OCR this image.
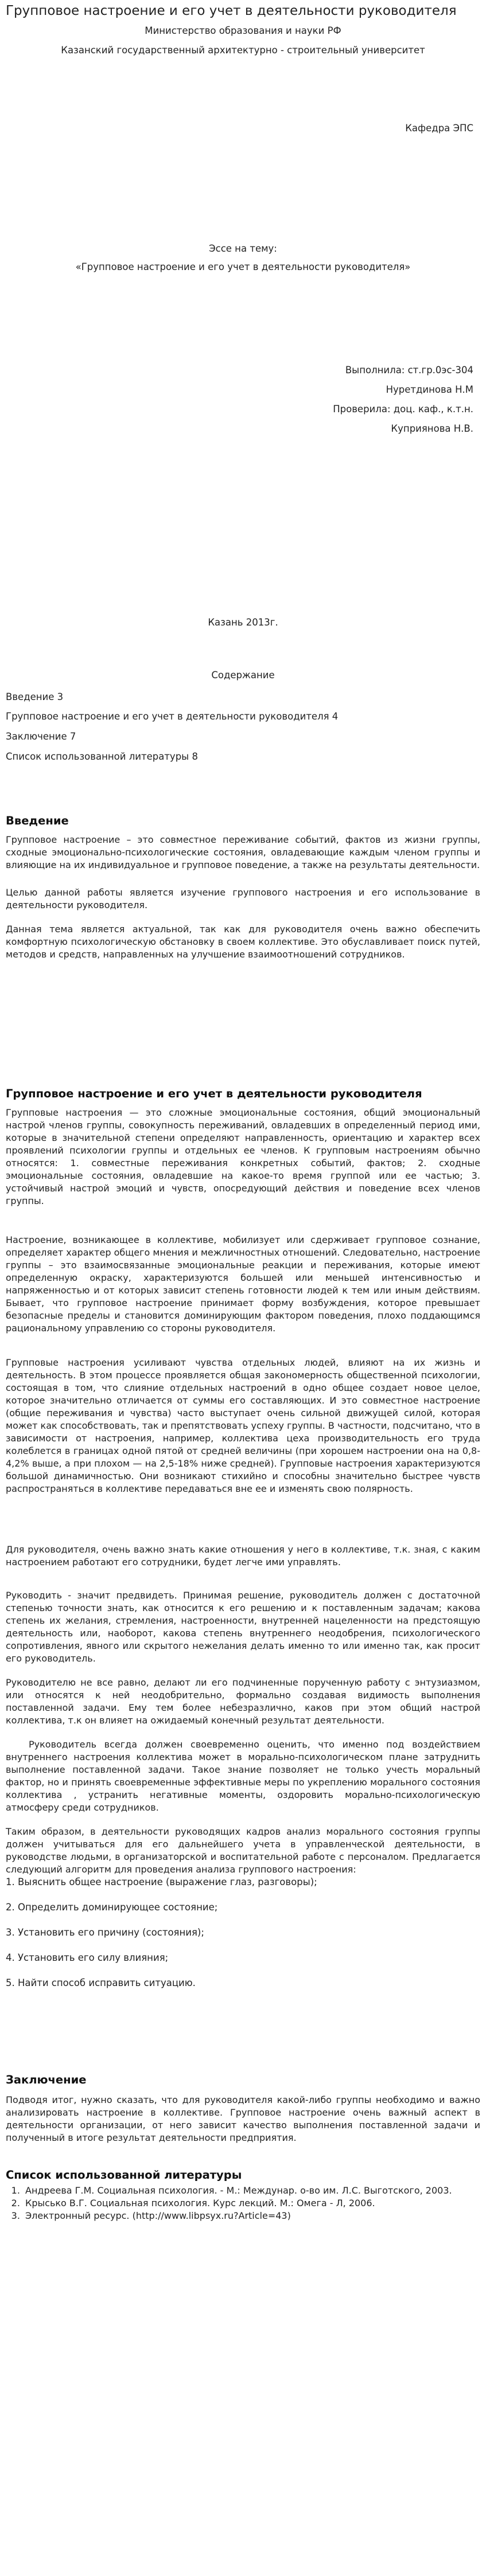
Групповое настроение и его учет в деятельности руководителя
Министерство образования и науки РФ
Казанский государственный архитектурно - строительный университет
Кафедра ЭПС
Эссе на тему:
«Групповое настроение и его учет в деятельности руководителя»
Выполнила: ст.гр.0эс-304
Нуретдинова Н.М
Проверила: доц. каф., к.т.н.
Куприянова Н.В.
Казань 2013г.
Содержание
Введение 3
Групповое настроение и его учет в деятельности руководителя 4
Заключение 7
Список использованной литературы 8
Введение

Групповое настроение – это совместное переживание событий, фактов из жизни группы, сходные эмоционально-психологические состояния, овладевающие каждым членом группы и влияющие на их индивидуальное и групповое поведение, а также на результаты деятельности.

Целью данной работы является изучение группового настроения и его использование в деятельности руководителя.

Данная тема является актуальной, так как для руководителя очень важно обеспечить комфортную психологическую обстановку в своем коллективе. Это обуславливает поиск путей, методов и средств, направленных на улучшение взаимоотношений сотрудников.

Групповое настроение и его учет в деятельности руководителя

Групповые настроения — это сложные эмоциональные состояния, общий эмоциональный настрой членов группы, совокупность переживаний, овладевших в определенный период ими, которые в значительной степени определяют направленность, ориентацию и характер всех проявлений психологии группы и отдельных ее членов. К групповым настроениям обычно относятся: 1. совместные переживания конкретных событий, фактов; 2. сходные эмоциональные состояния, овладевшие на какое-то время группой или ее частью; 3. устойчивый настрой эмоций и чувств, опосредующий действия и поведение всех членов группы.

Настроение, возникающее в коллективе, мобилизует или сдерживает групповое сознание, определяет характер общего мнения и межличностных отношений. Следовательно, настроение группы – это взаимосвязанные эмоциональные реакции и переживания, которые имеют определенную окраску, характеризуются большей или меньшей интенсивностью и напряженностью и от которых зависит степень готовности людей к тем или иным действиям. Бывает, что групповое настроение принимает форму возбуждения, которое превышает безопасные пределы и становится доминирующим фактором поведения, плохо поддающимся рациональному управлению со стороны руководителя.

Групповые настроения усиливают чувства отдельных людей, влияют на их жизнь и деятельность. В этом процессе проявляется общая закономерность общественной психологии, состоящая в том, что слияние отдельных настроений в одно общее создает новое целое, которое значительно отличается от суммы его составляющих. И это совместное настроение (общие переживания и чувства) часто выступает очень сильной движущей силой, которая может как способствовать, так и препятствовать успеху группы. В частности, подсчитано, что в зависимости от настроения, например, коллектива цеха производительность его труда колеблется в границах одной пятой от средней величины (при хорошем настроении она на 0,8-4,2% выше, а при плохом — на 2,5-18% ниже средней). Групповые настроения характеризуются большой динамичностью. Они возникают стихийно и способны значительно быстрее чувств распространяться в коллективе передаваться вне ее и изменять свою полярность.

Для руководителя, очень важно знать какие отношения у него в коллективе, т.к. зная, с каким настроением работают его сотрудники, будет легче ими управлять.

Руководить - значит предвидеть. Принимая решение, руководитель должен с достаточной степенью точности знать, как относится к его решению и к поставленным задачам; какова степень их желания, стремления, настроенности, внутренней нацеленности на предстоящую деятельность или, наоборот, какова степень внутреннего неодобрения, психологического сопротивления, явного или скрытого нежелания делать именно то или именно так, как просит его руководитель.

Руководителю не все равно, делают ли его подчиненные порученную работу с энтузиазмом, или относятся к ней неодобрительно, формально создавая видимость выполнения поставленной задачи. Ему тем более небезразлично, каков при этом общий настрой коллектива, т.к он влияет на ожидаемый конечный результат деятельности.

Руководитель всегда должен своевременно оценить, что именно под воздействием внутреннего настроения коллектива может в морально-психологическом плане затруднить выполнение поставленной задачи. Такое знание позволяет не только учесть моральный фактор, но и принять своевременные эффективные меры по укреплению морального состояния коллектива , устранить негативные моменты, оздоровить морально-психологическую атмосферу среди сотрудников.

Таким образом, в деятельности руководящих кадров анализ морального состояния группы должен учитываться для его дальнейшего учета в управленческой деятельности, в руководстве людьми, в организаторской и воспитательной работе с персоналом. Предлагается следующий алгоритм для проведения анализа группового настроения:

1. Выяснить общее настроение (выражение глаз, разговоры);
2. Определить доминирующее состояние;
3. Установить его причину (состояния);
4. Установить его силу влияния;
5. Найти способ исправить ситуацию.
Заключение

Подводя итог, нужно сказать, что для руководителя какой-либо группы необходимо и важно анализировать настроение в коллективе. Групповое настроение очень важный аспект в деятельности организации, от него зависит качество выполнения поставленной задачи и полученный в итоге результат деятельности предприятия.

Список использованной литературы
1. Андреева Г.М. Социальная психология. - М.: Междунар. о-во им. Л.С. Выготского, 2003.
2. Крысько В.Г. Социальная психология. Курс лекций. М.: Омега - Л, 2006.
3. Электронный ресурс. (http://www.libpsyx.ru?Article=43)
